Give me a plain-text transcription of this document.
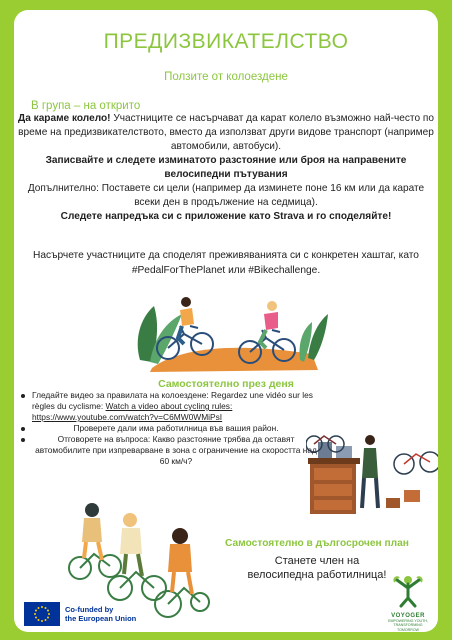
ПРЕДИЗВИКАТЕЛСТВО
Ползите от колоездене
В група – на открито

Да караме колело! Участниците се насърчават да карат колело възможно най-често по време на предизвикателството, вместо да използват други видове транспорт (например автомобили, автобуси).

Записвайте и следете изминатото разстояние или броя на направените велосипедни пътувания

Допълнително: Поставете си цели (например да изминете поне 16 км или да карате всеки ден в продължение на седмица).

Следете напредъка си с приложение като Strava и го споделяйте!

Насърчете участниците да споделят преживяванията си с конкретен хаштаг, като #PedalForThePlanet или #Bikechallenge.
Самостоятелно през деня
Гледайте видео за правилата на колоездене: Regardez une vidéo sur les règles du cyclisme: Watch a video about cycling rules: https://www.youtube.com/watch?v=C6MW0WMiPsI
Проверете дали има работилница във вашия район.
Отговорете на въпроса: Какво разстояние трябва да оставят автомобилите при изпреварване в зона с ограничение на скоростта над 60 км/ч?
Самостоятелно в дългосрочен план
Станете член на
велосипедна работилница!
Co-funded by
the European Union	VOYOGER
EMPOWERING YOUTH,
TRANSFORMING
TOMORROW
